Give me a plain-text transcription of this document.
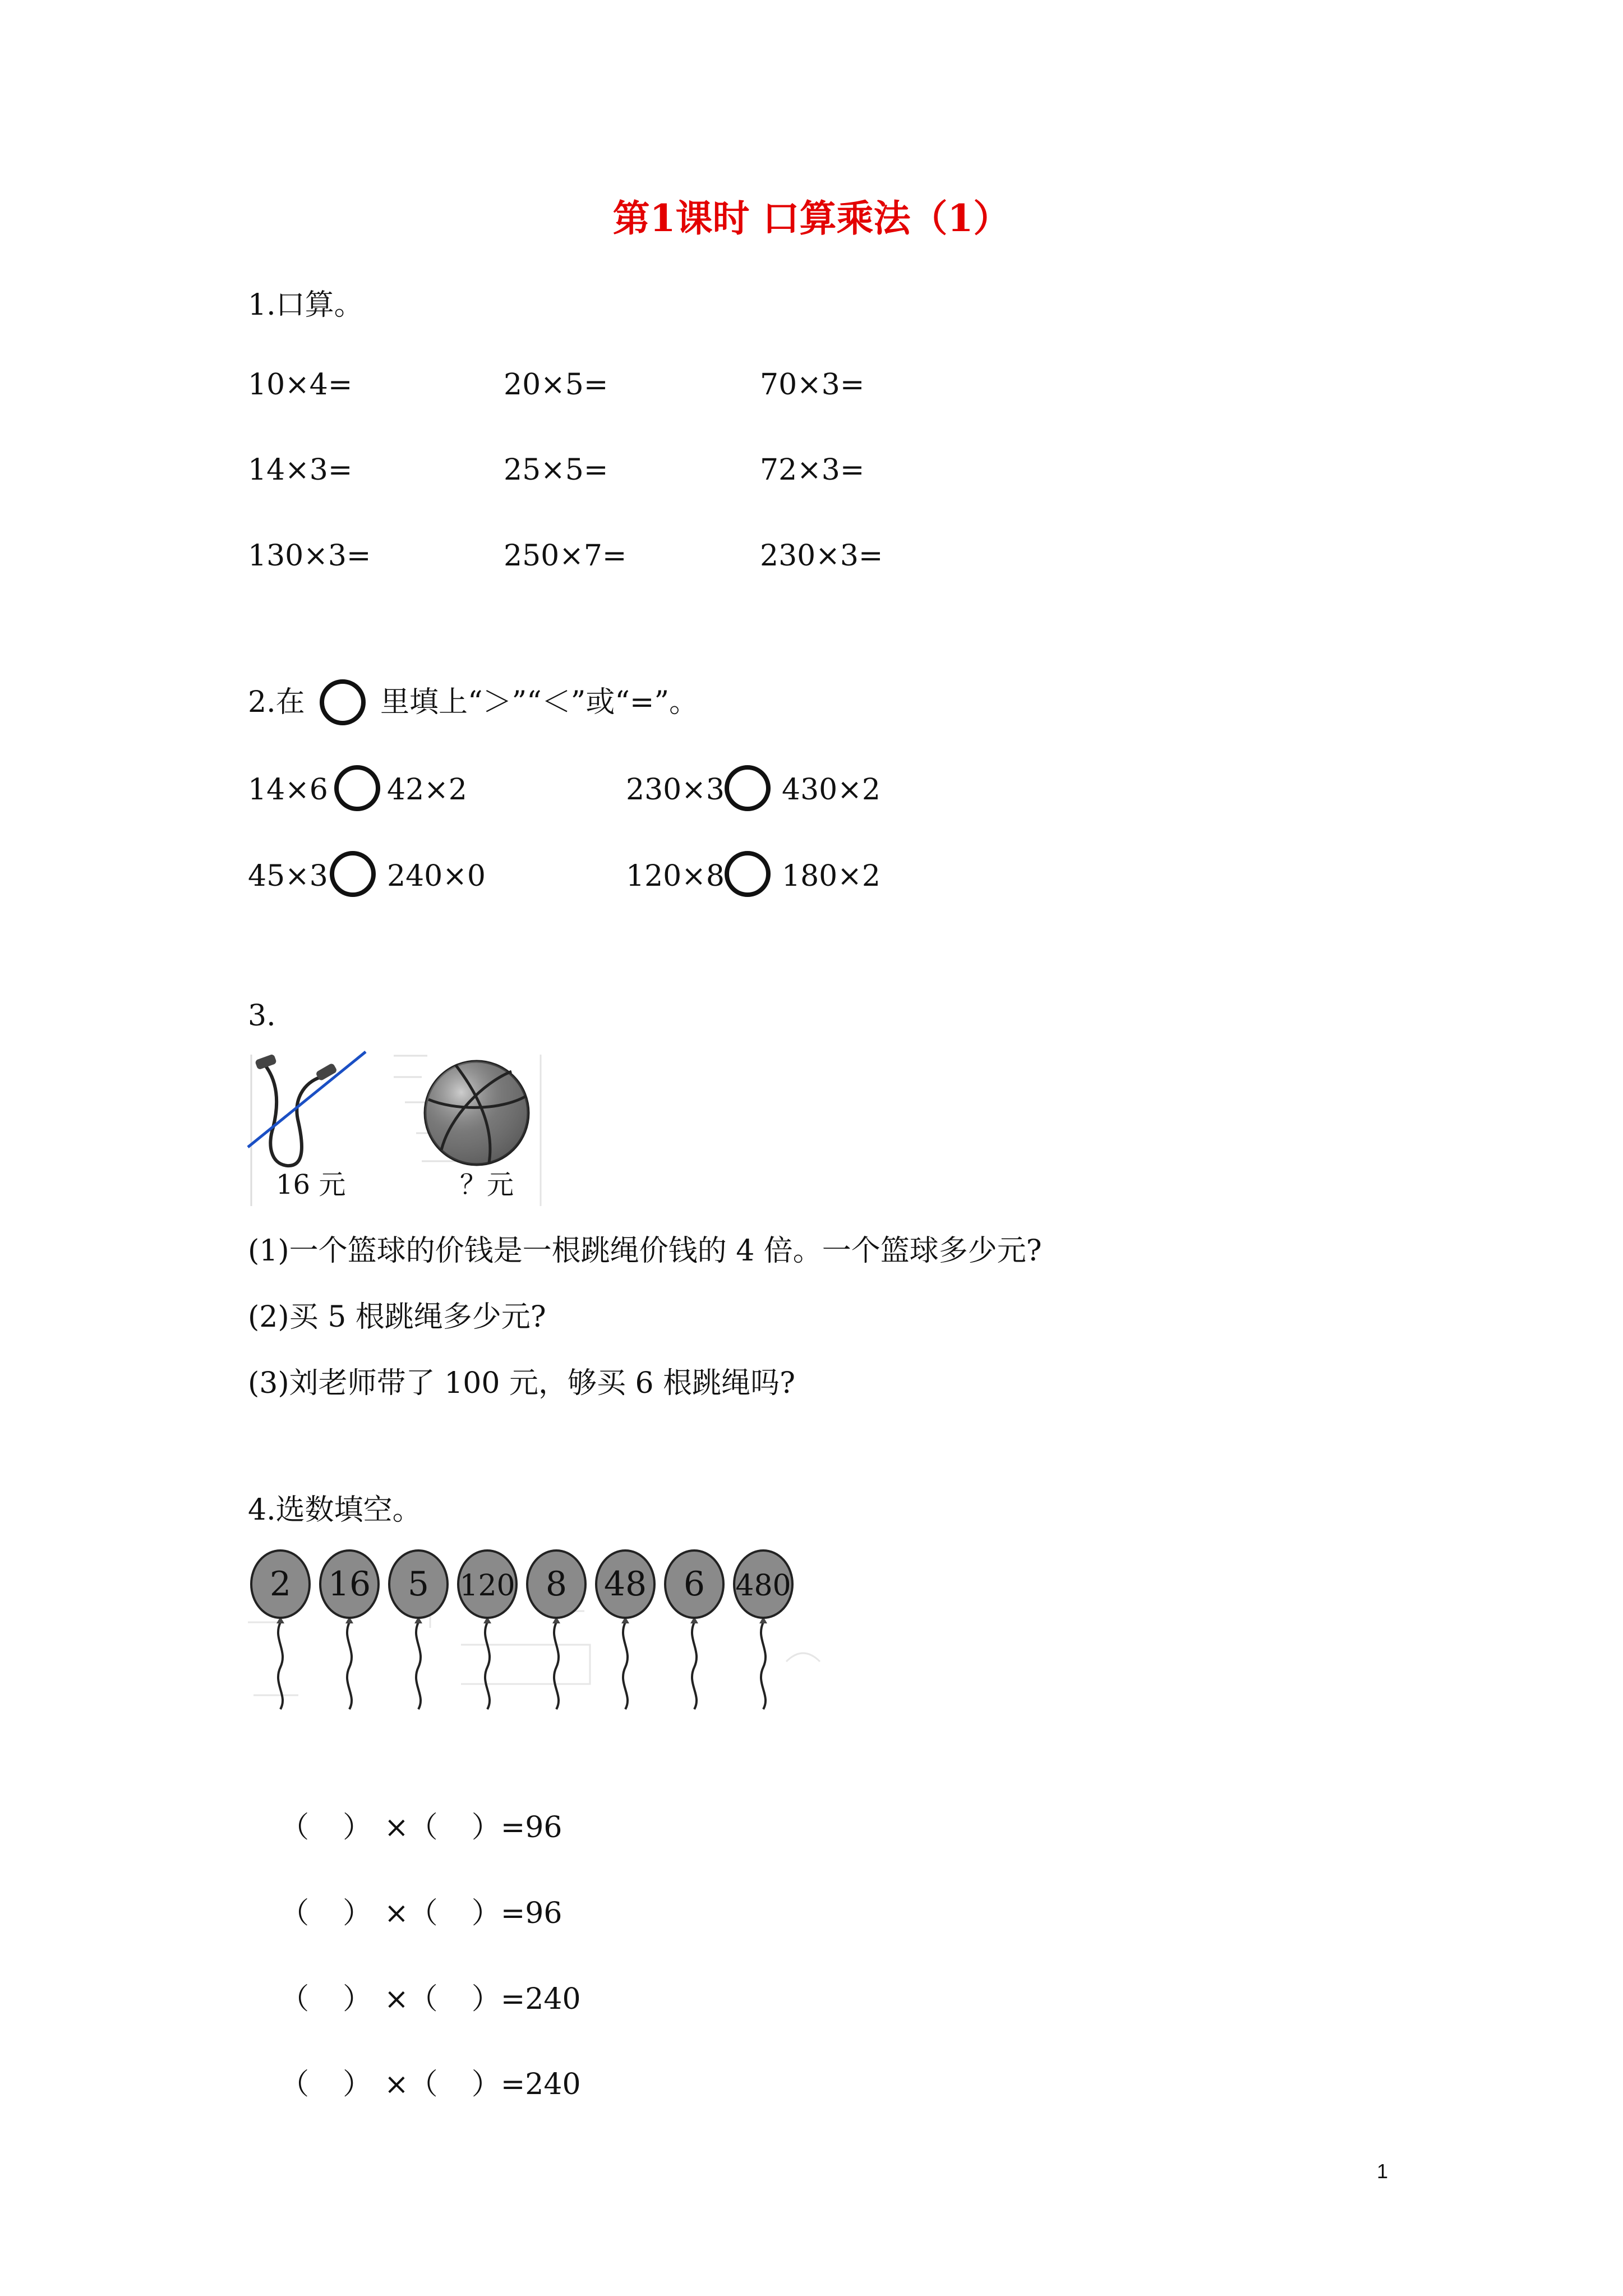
第1课时 口算乘法（1）
1.口算。
10×4=	20×5=	70×3=
14×3=	25×5=	72×3=
130×3=	250×7=	230×3=
2.在	里填上“＞”“＜”或“=”。
14×6 42×2	230×3 430×2
45×3 240×0	120×8 180×2
3.
16 元	？元
(1)一个篮球的价钱是一根跳绳价钱的 4 倍。一个篮球多少元?
(2)买 5 根跳绳多少元?
(3)刘老师带了 100 元，够买 6 根跳绳吗?
4.选数填空。
2 16 5 120 8 48 6 480

（ ） ×（ ）=96

（ ） ×（ ）=96

（ ） ×（ ）=240

（ ） ×（ ）=240

1
